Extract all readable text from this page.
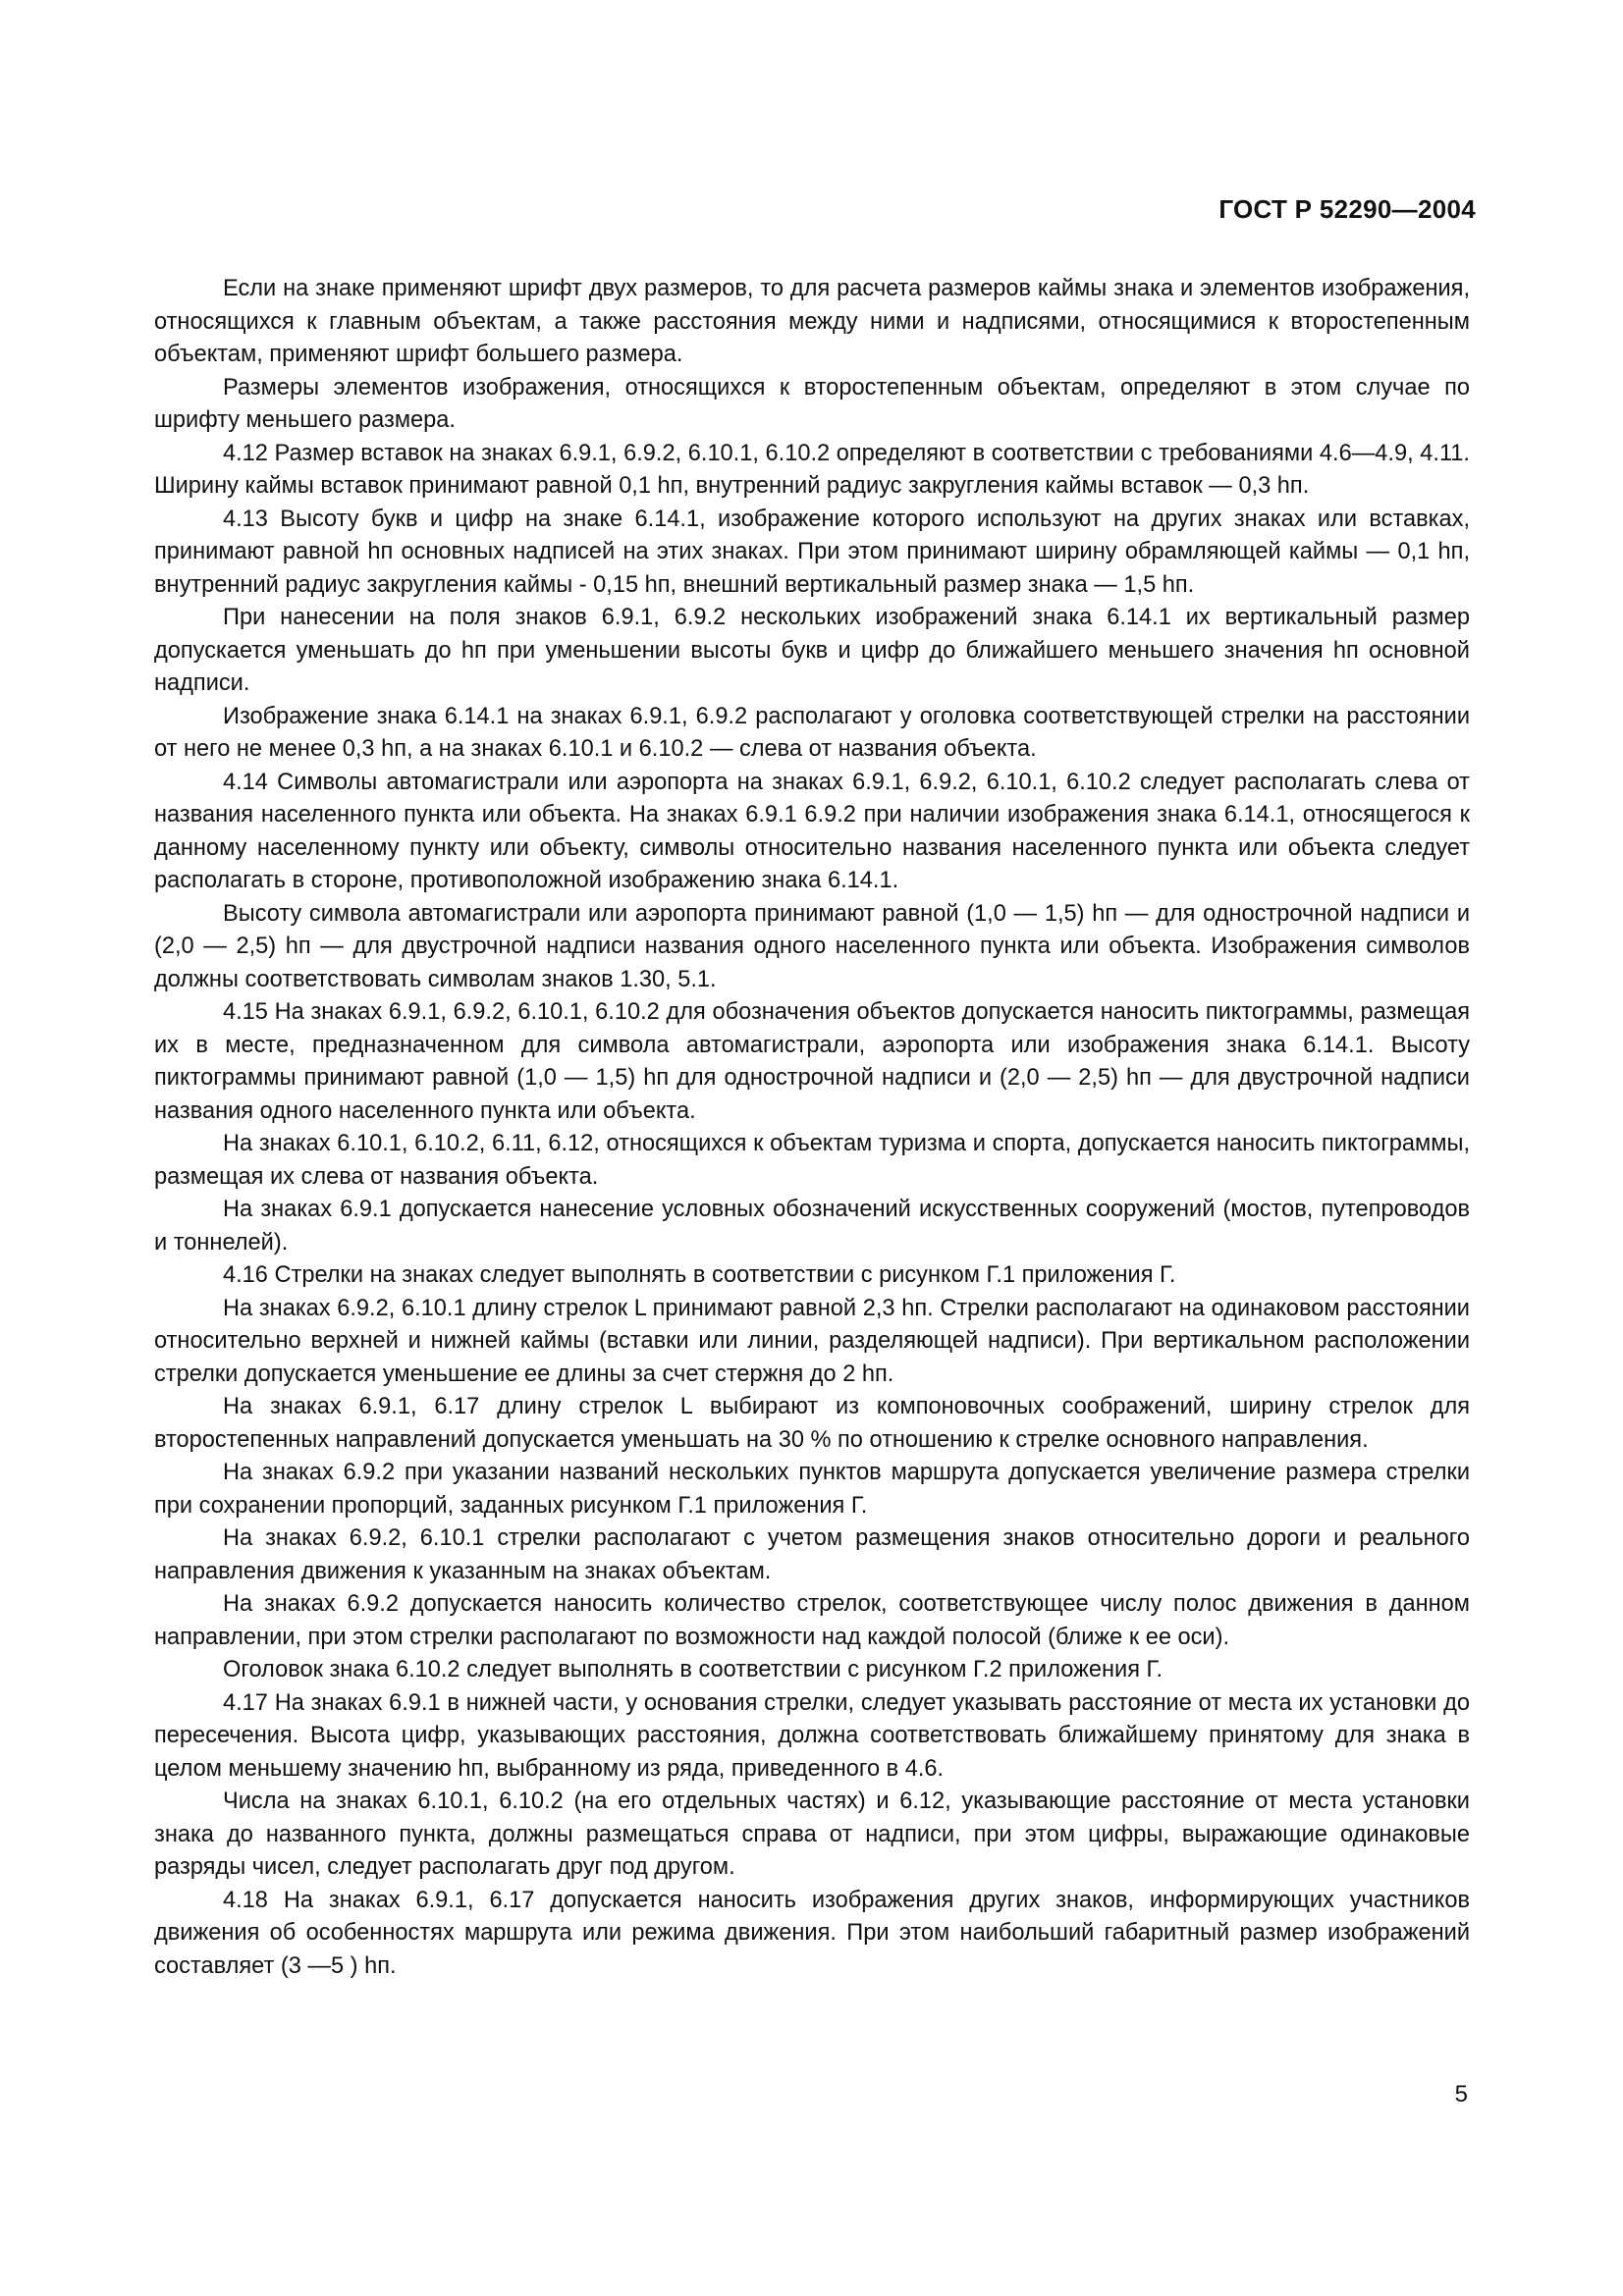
ГОСТ Р 52290—2004

Если на знаке применяют шрифт двух размеров, то для расчета размеров каймы знака и элементов изображения, относящихся к главным объектам, а также расстояния между ними и надписями, относящимися к второстепенным объектам, применяют шрифт большего размера.

Размеры элементов изображения, относящихся к второстепенным объектам, определяют в этом случае по шрифту меньшего размера.

4.12 Размер вставок на знаках 6.9.1, 6.9.2, 6.10.1, 6.10.2 определяют в соответствии с требованиями 4.6—4.9, 4.11. Ширину каймы вставок принимают равной 0,1 hп, внутренний радиус закругления каймы вставок — 0,3 hп.

4.13 Высоту букв и цифр на знаке 6.14.1, изображение которого используют на других знаках или вставках, принимают равной hп основных надписей на этих знаках. При этом принимают ширину обрамляющей каймы — 0,1 hп, внутренний радиус закругления каймы - 0,15 hп, внешний вертикальный размер знака — 1,5 hп.

При нанесении на поля знаков 6.9.1, 6.9.2 нескольких изображений знака 6.14.1 их вертикальный размер допускается уменьшать до hп при уменьшении высоты букв и цифр до ближайшего меньшего значения hп основной надписи.

Изображение знака 6.14.1 на знаках 6.9.1, 6.9.2 располагают у оголовка соответствующей стрелки на расстоянии от него не менее 0,3 hп, а на знаках 6.10.1 и 6.10.2 — слева от названия объекта.

4.14 Символы автомагистрали или аэропорта на знаках 6.9.1, 6.9.2, 6.10.1, 6.10.2 следует располагать слева от названия населенного пункта или объекта. На знаках 6.9.1 6.9.2 при наличии изображения знака 6.14.1, относящегося к данному населенному пункту или объекту, символы относительно названия населенного пункта или объекта следует располагать в стороне, противоположной изображению знака 6.14.1.

Высоту символа автомагистрали или аэропорта принимают равной (1,0 — 1,5) hп — для однострочной надписи и (2,0 — 2,5) hп — для двустрочной надписи названия одного населенного пункта или объекта. Изображения символов должны соответствовать символам знаков 1.30, 5.1.

4.15 На знаках 6.9.1, 6.9.2, 6.10.1, 6.10.2 для обозначения объектов допускается наносить пиктограммы, размещая их в месте, предназначенном для символа автомагистрали, аэропорта или изображения знака 6.14.1. Высоту пиктограммы принимают равной (1,0 — 1,5) hп для однострочной надписи и (2,0 — 2,5) hп — для двустрочной надписи названия одного населенного пункта или объекта.

На знаках 6.10.1, 6.10.2, 6.11, 6.12, относящихся к объектам туризма и спорта, допускается наносить пиктограммы, размещая их слева от названия объекта.

На знаках 6.9.1 допускается нанесение условных обозначений искусственных сооружений (мостов, путепроводов и тоннелей).

4.16 Стрелки на знаках следует выполнять в соответствии с рисунком Г.1 приложения Г.

На знаках 6.9.2, 6.10.1 длину стрелок L принимают равной 2,3 hп. Стрелки располагают на одинаковом расстоянии относительно верхней и нижней каймы (вставки или линии, разделяющей надписи). При вертикальном расположении стрелки допускается уменьшение ее длины за счет стержня до 2 hп.

На знаках 6.9.1, 6.17 длину стрелок L выбирают из компоновочных соображений, ширину стрелок для второстепенных направлений допускается уменьшать на 30 % по отношению к стрелке основного направления.

На знаках 6.9.2 при указании названий нескольких пунктов маршрута допускается увеличение размера стрелки при сохранении пропорций, заданных рисунком Г.1 приложения Г.

На знаках 6.9.2, 6.10.1 стрелки располагают с учетом размещения знаков относительно дороги и реального направления движения к указанным на знаках объектам.

На знаках 6.9.2 допускается наносить количество стрелок, соответствующее числу полос движения в данном направлении, при этом стрелки располагают по возможности над каждой полосой (ближе к ее оси).

Оголовок знака 6.10.2 следует выполнять в соответствии с рисунком Г.2 приложения Г.

4.17 На знаках 6.9.1 в нижней части, у основания стрелки, следует указывать расстояние от места их установки до пересечения. Высота цифр, указывающих расстояния, должна соответствовать ближайшему принятому для знака в целом меньшему значению hп, выбранному из ряда, приведенного в 4.6.

Числа на знаках 6.10.1, 6.10.2 (на его отдельных частях) и 6.12, указывающие расстояние от места установки знака до названного пункта, должны размещаться справа от надписи, при этом цифры, выражающие одинаковые разряды чисел, следует располагать друг под другом.

4.18 На знаках 6.9.1, 6.17 допускается наносить изображения других знаков, информирующих участников движения об особенностях маршрута или режима движения. При этом наибольший габаритный размер изображений составляет (3 —5 ) hп.

5
